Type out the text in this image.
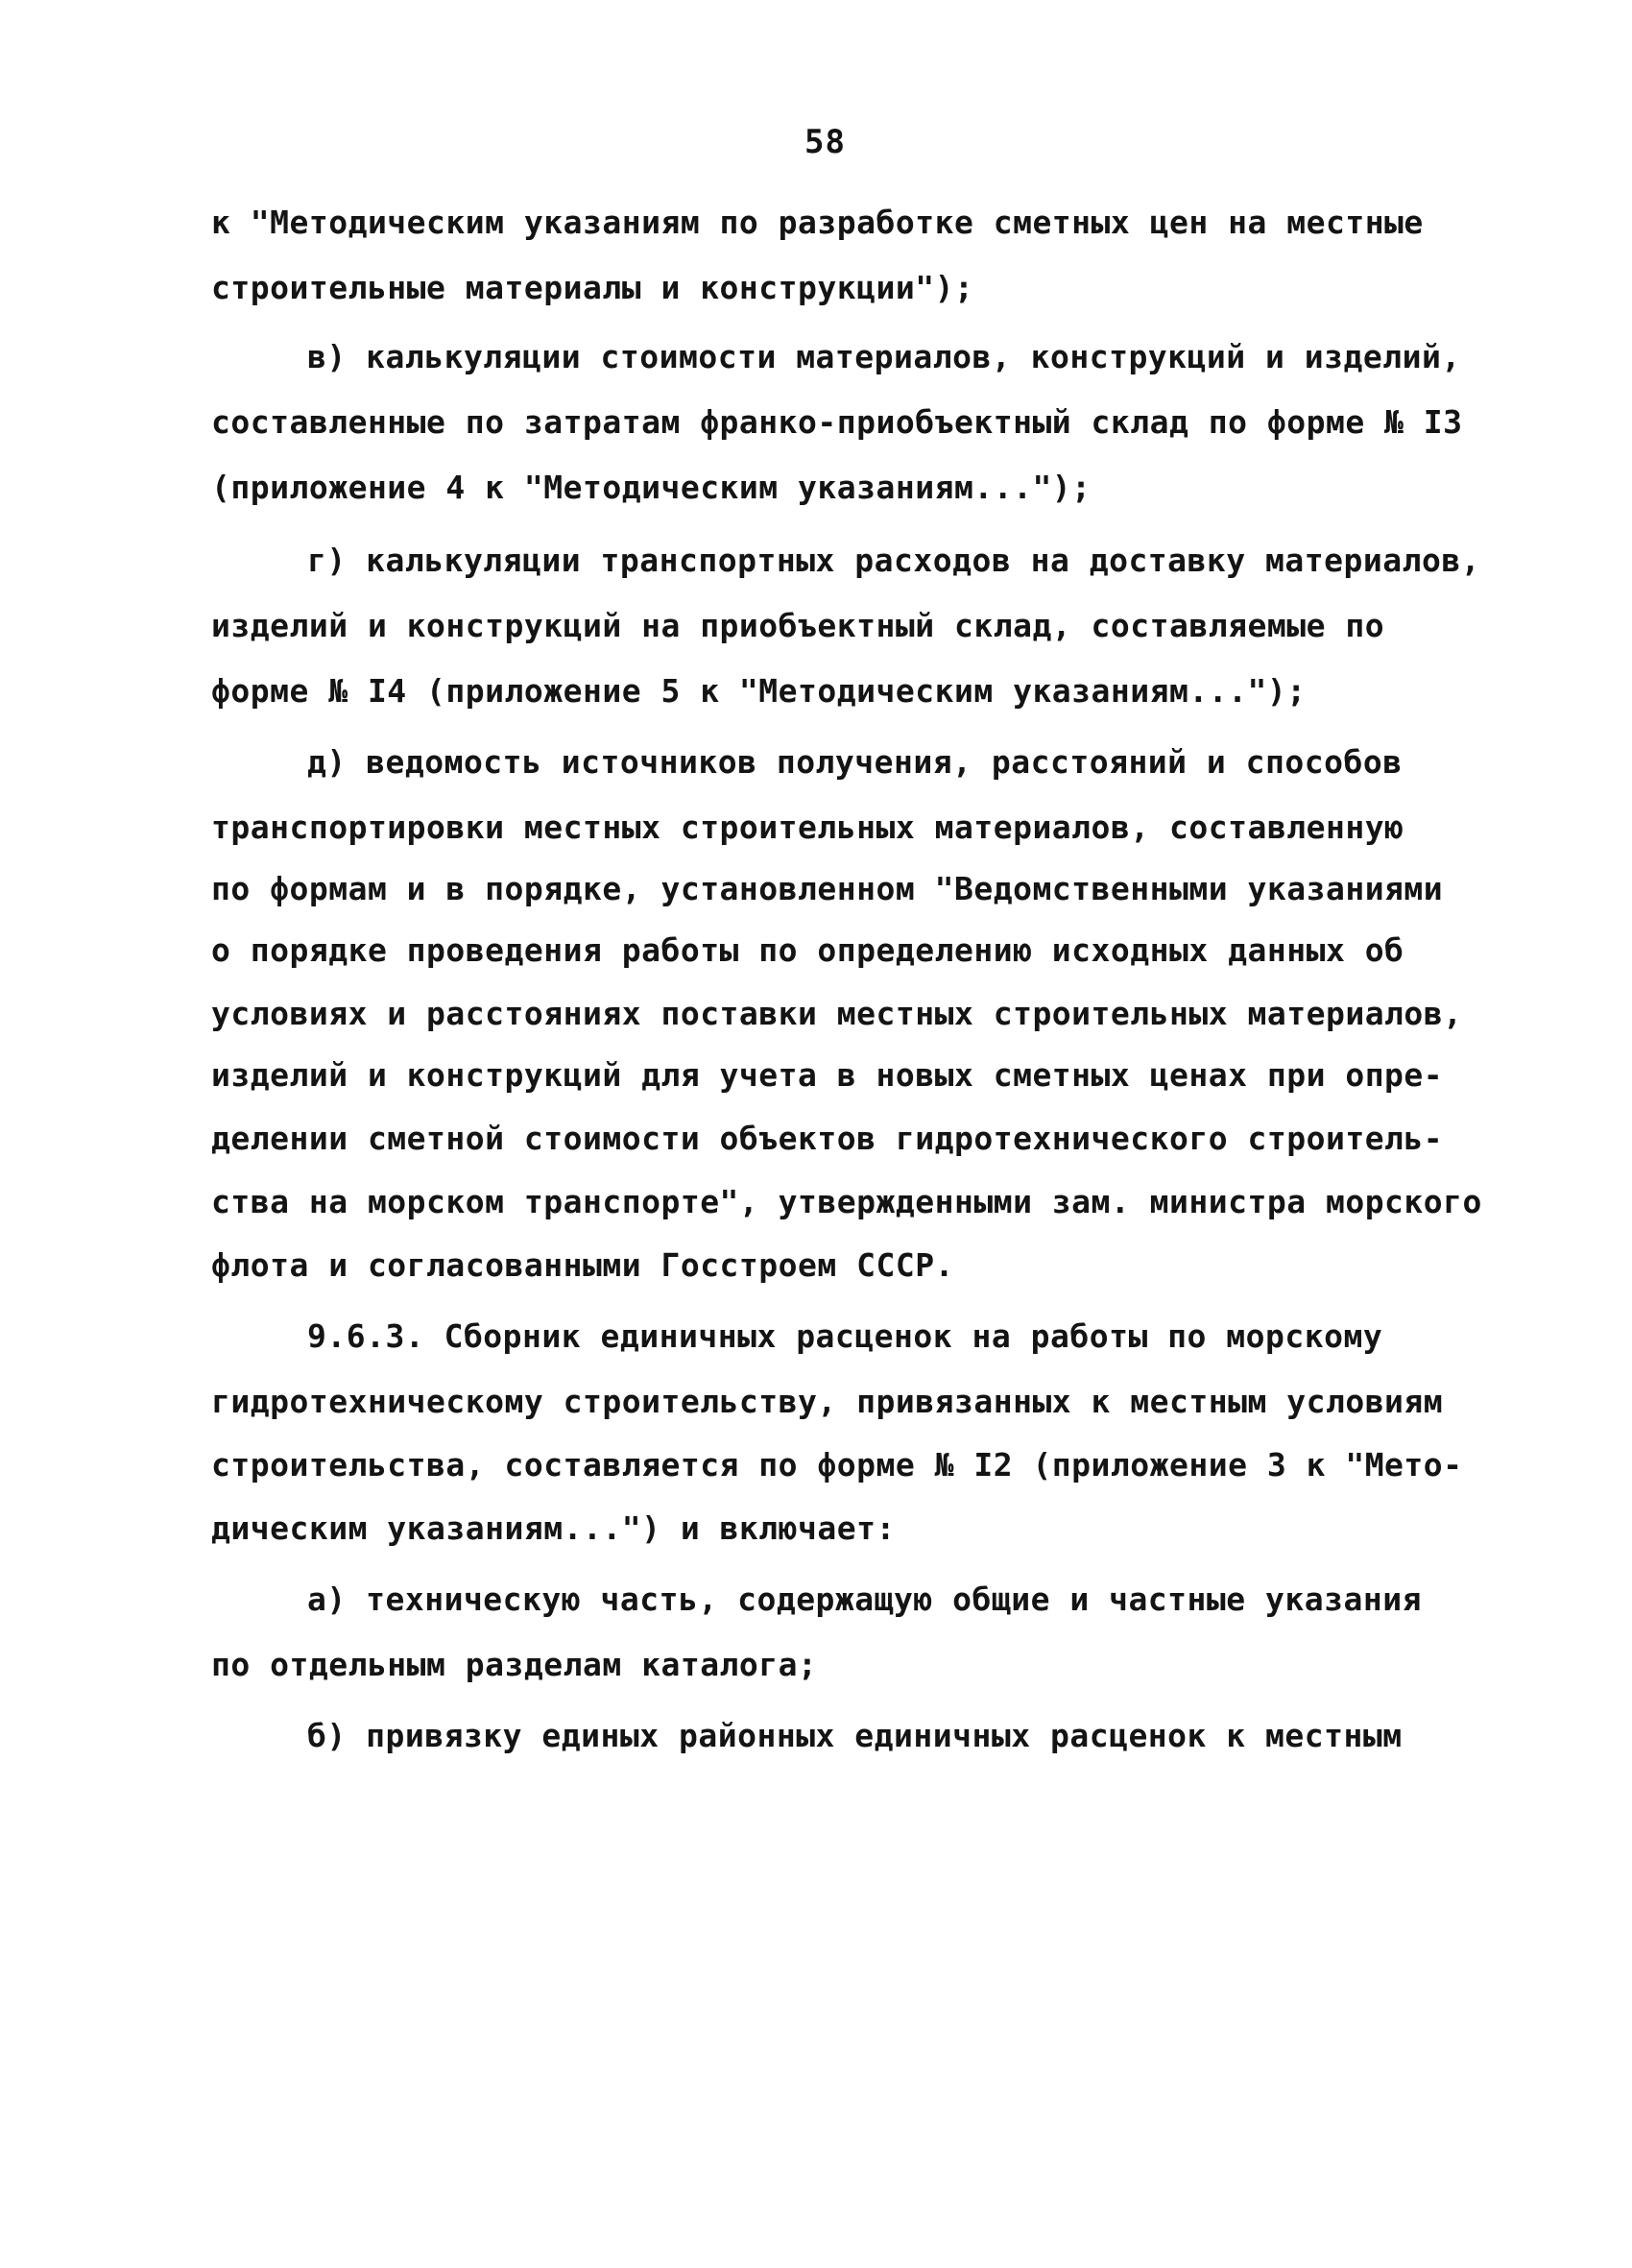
58
к "Методическим указаниям по разработке сметных цен на местные
строительные материалы и конструкции");
в) калькуляции стоимости материалов, конструкций и изделий,
составленные по затратам франко-приобъектный склад по форме № I3
(приложение 4 к "Методическим указаниям...");
г) калькуляции транспортных расходов на доставку материалов,
изделий и конструкций на приобъектный склад, составляемые по
форме № I4 (приложение 5 к "Методическим указаниям...");
д) ведомость источников получения, расстояний и способов
транспортировки местных строительных материалов, составленную
по формам и в порядке, установленном "Ведомственными указаниями
о порядке проведения работы по определению исходных данных об
условиях и расстояниях поставки местных строительных материалов,
изделий и конструкций для учета в новых сметных ценах при опре-
делении сметной стоимости объектов гидротехнического строитель-
ства на морском транспорте", утвержденными зам. министра морского
флота и согласованными Госстроем СССР.
9.6.3. Сборник единичных расценок на работы по морскому
гидротехническому строительству, привязанных к местным условиям
строительства, составляется по форме № I2 (приложение 3 к "Мето-
дическим указаниям...") и включает:
а) техническую часть, содержащую общие и частные указания
по отдельным разделам каталога;
б) привязку единых районных единичных расценок к местным
